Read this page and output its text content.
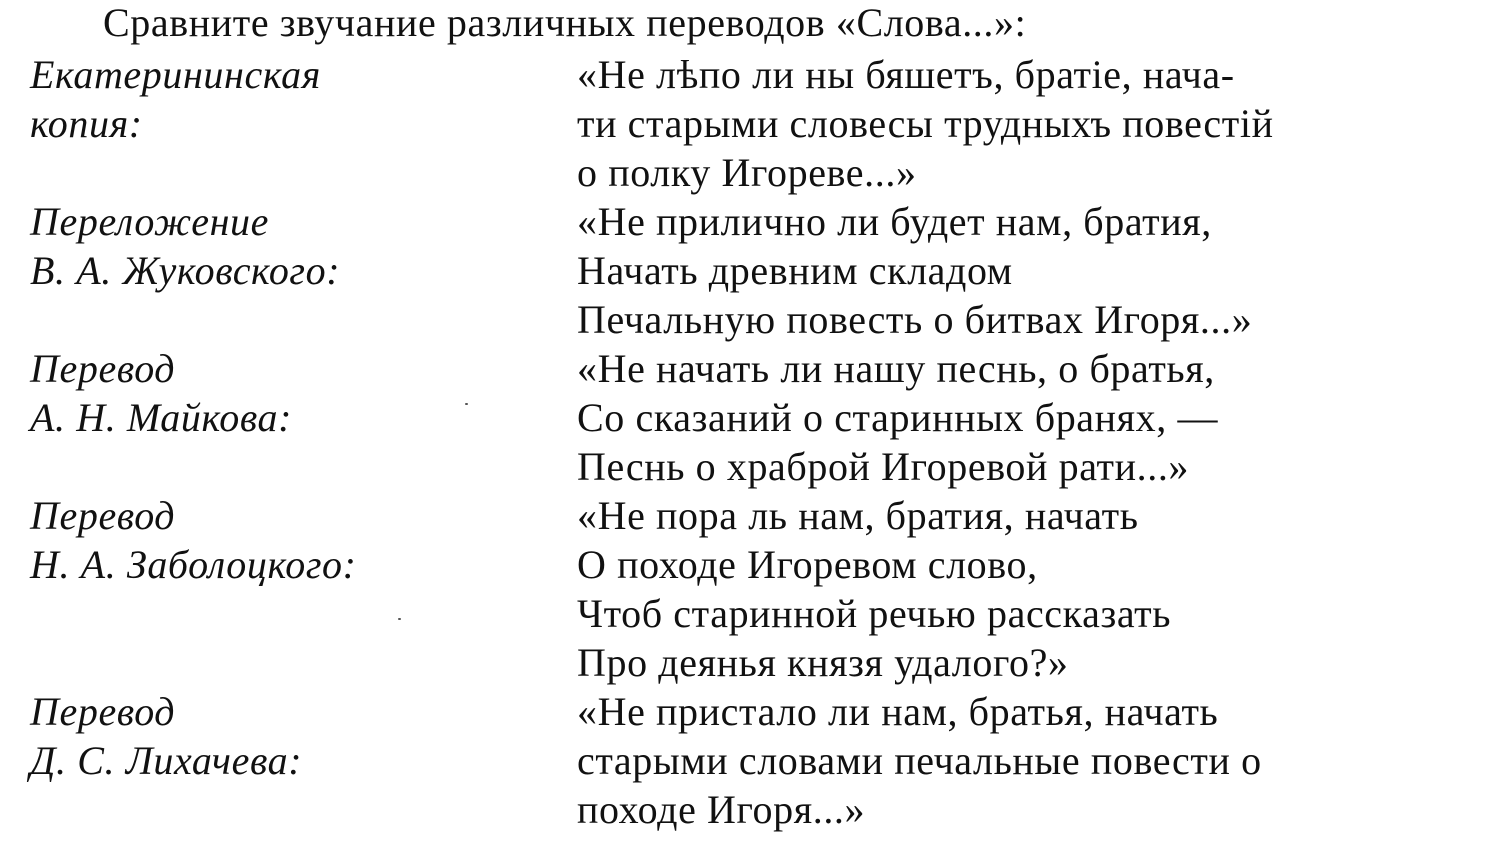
Сравните звучание различных переводов «Слова...»:
Екатерининская
копия:
«Не лѣпо ли ны бяшетъ, братіе, нача-
ти старыми словесы трудныхъ повестій
о полку Игореве...»
Переложение
В. А. Жуковского:
«Не прилично ли будет нам, братия,
Начать древним складом
Печальную повесть о битвах Игоря...»
Перевод
А. Н. Майкова:
«Не начать ли нашу песнь, о братья,
Со сказаний о старинных бранях, —
Песнь о храброй Игоревой рати...»
Перевод
Н. А. Заболоцкого:
«Не пора ль нам, братия, начать
О походе Игоревом слово,
Чтоб старинной речью рассказать
Про деянья князя удалого?»
Перевод
Д. С. Лихачева:
«Не пристало ли нам, братья, начать
старыми словами печальные повести о
походе Игоря...»
